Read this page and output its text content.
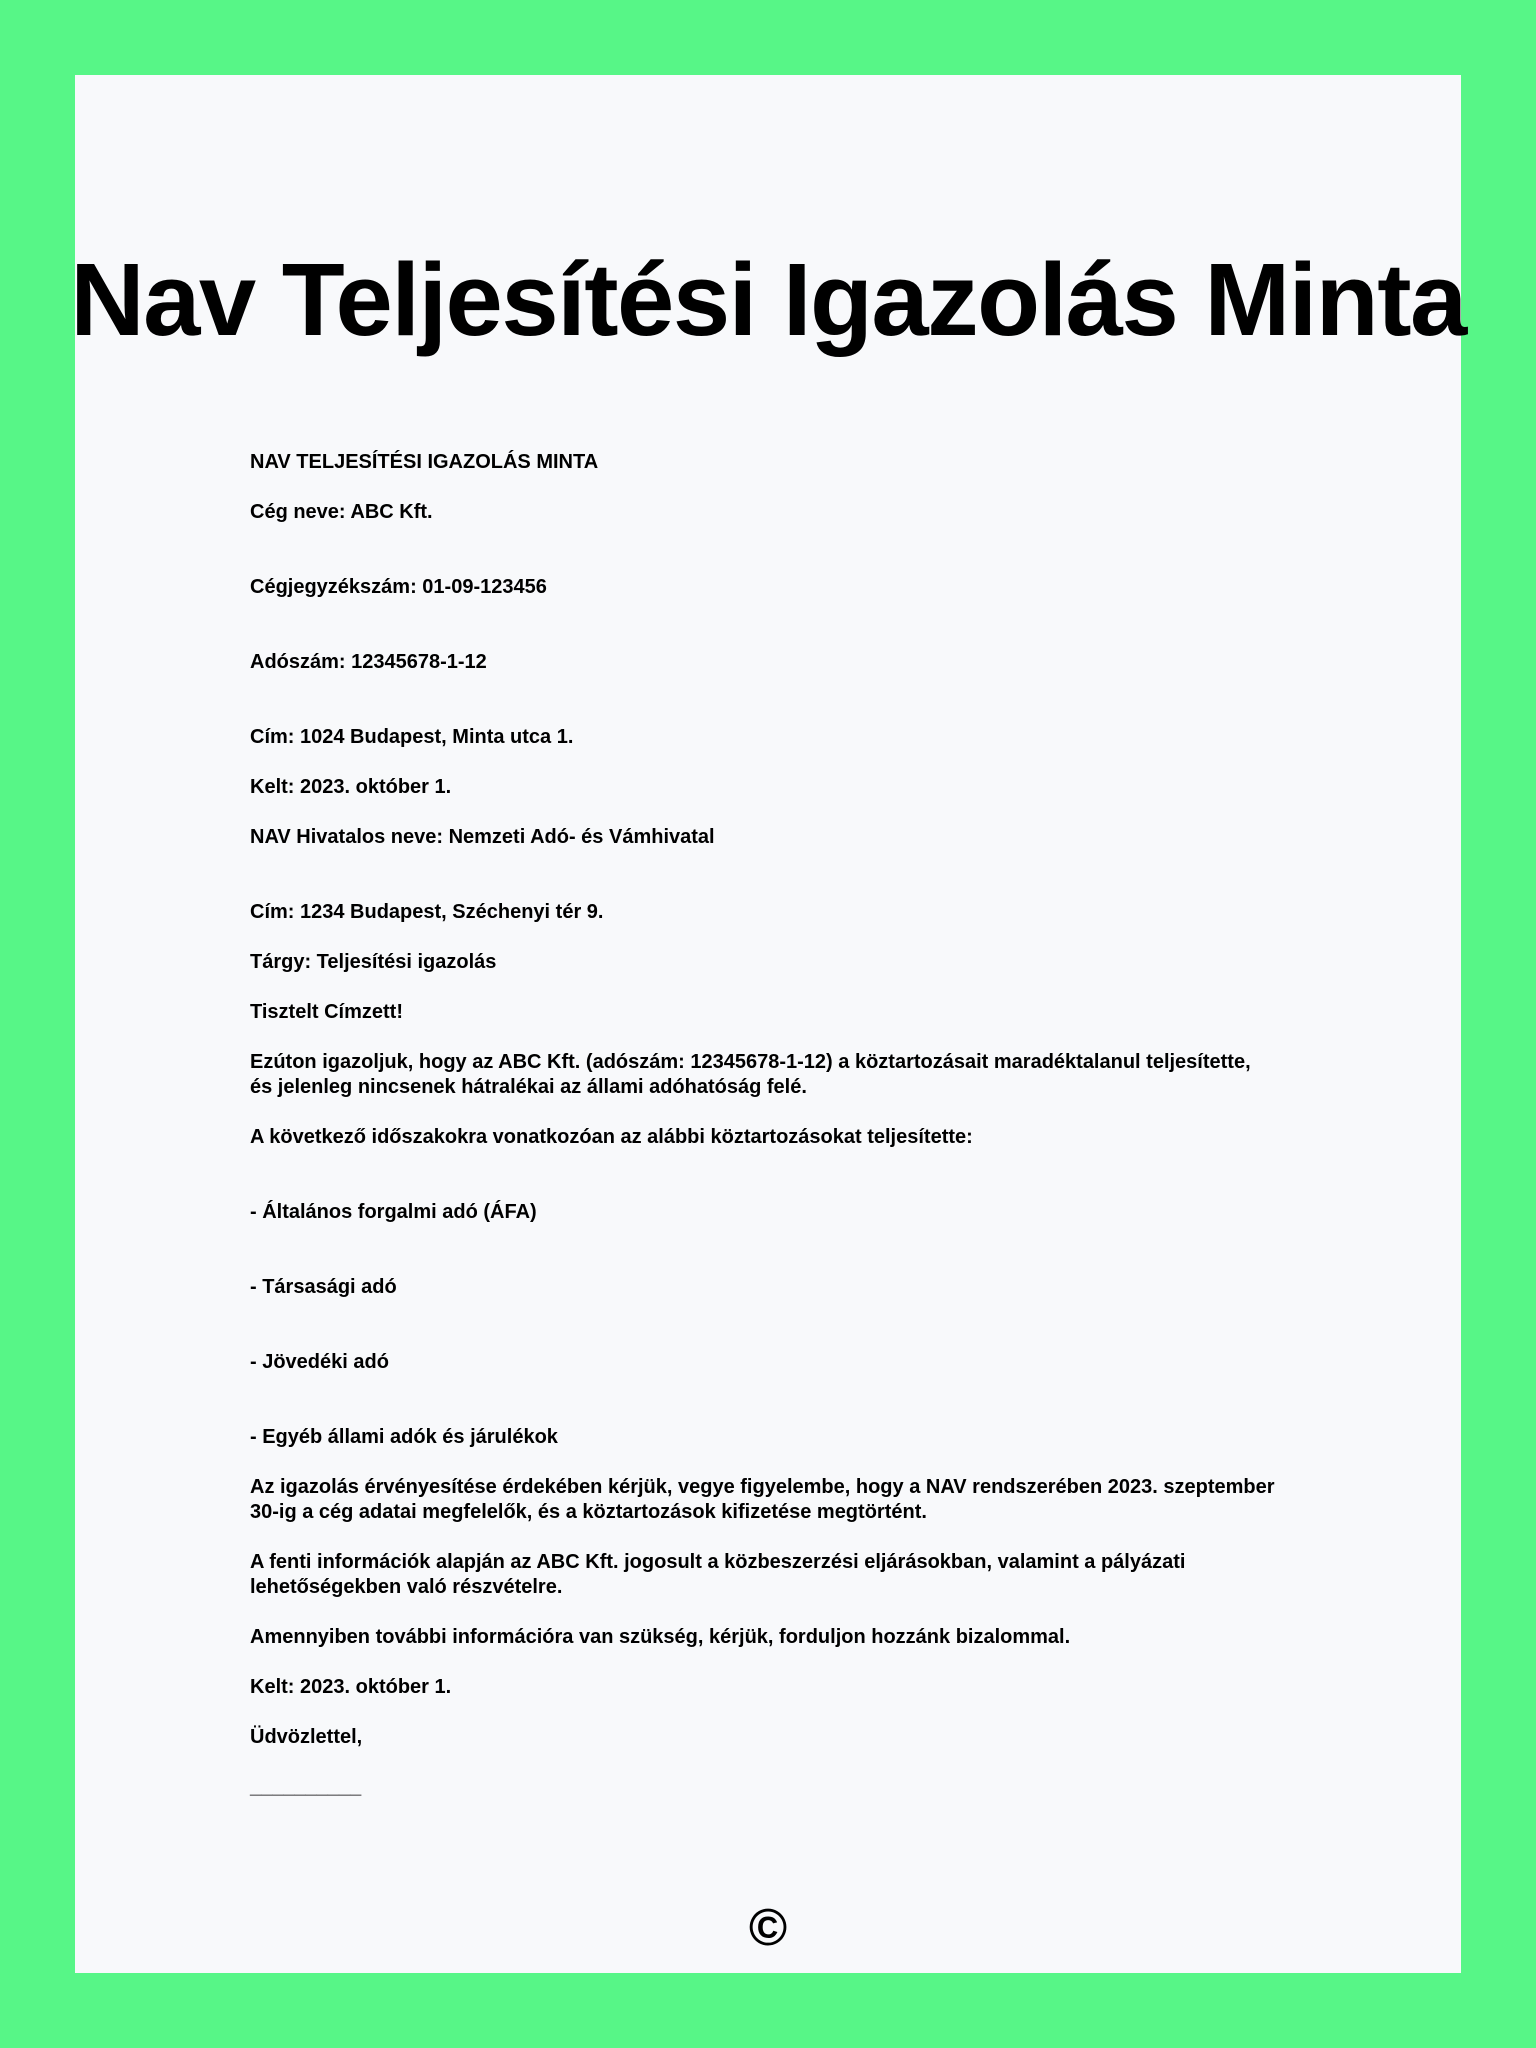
Nav Teljesítési Igazolás Minta

NAV TELJESÍTÉSI IGAZOLÁS MINTA

Cég neve: ABC Kft.

Cégjegyzékszám: 01-09-123456

Adószám: 12345678-1-12

Cím: 1024 Budapest, Minta utca 1.

Kelt: 2023. október 1.

NAV Hivatalos neve: Nemzeti Adó- és Vámhivatal

Cím: 1234 Budapest, Széchenyi tér 9.

Tárgy: Teljesítési igazolás

Tisztelt Címzett!

Ezúton igazoljuk, hogy az ABC Kft. (adószám: 12345678-1-12) a köztartozásait maradéktalanul teljesítette,
és jelenleg nincsenek hátralékai az állami adóhatóság felé.

A következő időszakokra vonatkozóan az alábbi köztartozásokat teljesítette:

- Általános forgalmi adó (ÁFA)

- Társasági adó

- Jövedéki adó

- Egyéb állami adók és járulékok

Az igazolás érvényesítése érdekében kérjük, vegye figyelembe, hogy a NAV rendszerében 2023. szeptember
30-ig a cég adatai megfelelők, és a köztartozások kifizetése megtörtént.

A fenti információk alapján az ABC Kft. jogosult a közbeszerzési eljárásokban, valamint a pályázati
lehetőségekben való részvételre.

Amennyiben további információra van szükség, kérjük, forduljon hozzánk bizalommal.

Kelt: 2023. október 1.

Üdvözlettel,

__________

©
